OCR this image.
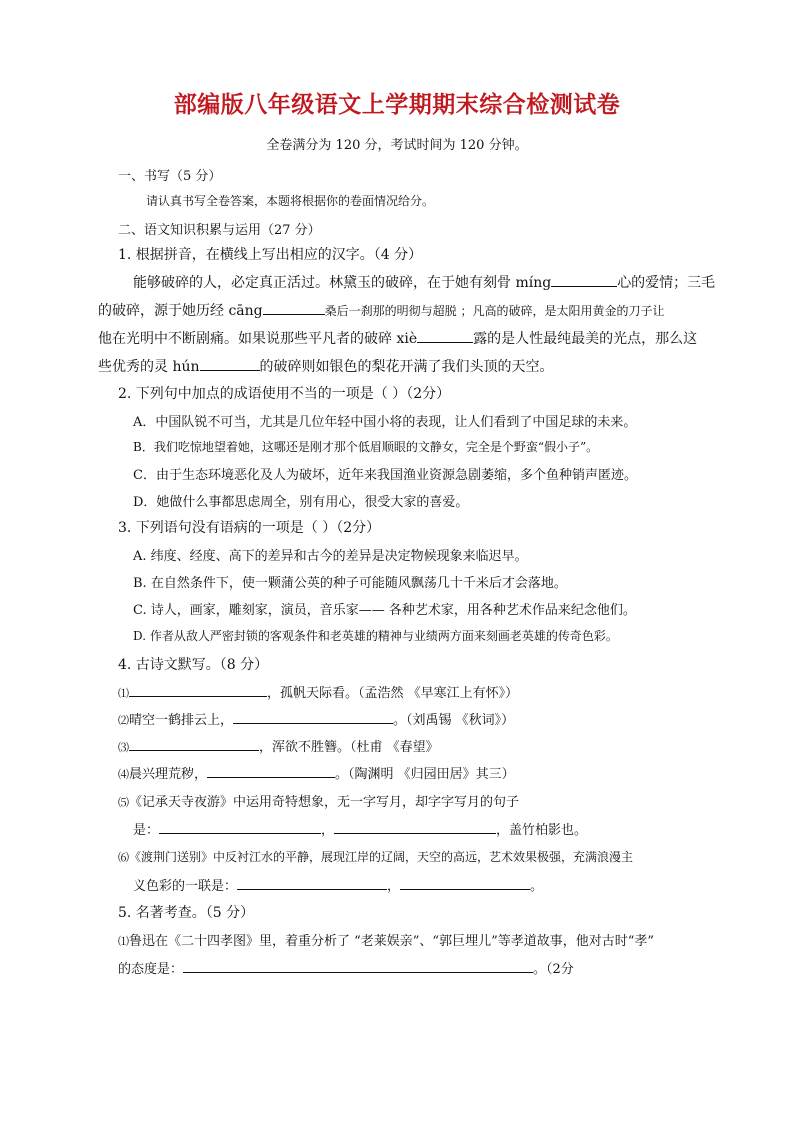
部编版八年级语文上学期期末综合检测试卷
全卷满分为 120 分，考试时间为 120 分钟。
一、书写（5 分）
请认真书写全卷答案，本题将根据你的卷面情况给分。
二、语文知识积累与运用（27 分）
1. 根据拼音，在横线上写出相应的汉字。（4 分）
能够破碎的人，必定真正活过。林黛玉的破碎，在于她有刻骨 míng	心的爱情；三毛
的破碎，源于她历经 cāng	桑后一刹那的明彻与超脱 ；凡高的破碎，是太阳用黄金的刀子让
他在光明中不断剧痛。如果说那些平凡者的破碎 xiè	露的是人性最纯最美的光点，那么这
些优秀的灵 hún	的破碎则如银色的梨花开满了我们头顶的天空。
2. 下列句中加点的成语使用不当的一项是（ ）（2分）
A．中国队锐不可当，尤其是几位年轻中国小将的表现，让人们看到了中国足球的未来。
B．我们吃惊地望着她，这哪还是刚才那个低眉顺眼的文静女，完全是个野蛮“假小子”。
C．由于生态环境恶化及人为破坏，近年来我国渔业资源急剧萎缩，多个鱼种销声匿迹。
D．她做什么事都思虑周全，别有用心，很受大家的喜爱。
3. 下列语句没有语病的一项是（ ）（2分）
A. 纬度、经度、高下的差异和古今的差异是决定物候现象来临迟早。
B. 在自然条件下，使一颗蒲公英的种子可能随风飘荡几十千米后才会落地。
C. 诗人，画家，雕刻家，演员，音乐家—— 各种艺术家，用各种艺术作品来纪念他们。
D. 作者从敌人严密封锁的客观条件和老英雄的精神与业绩两方面来刻画老英雄的传奇色彩。
4. 古诗文默写。（8 分）
⑴	，孤帆天际看。（孟浩然 《早寒江上有怀》）
⑵晴空一鹤排云上，	。（刘禹锡 《秋词》）
⑶	，浑欲不胜簪。（杜甫 《春望》
⑷晨兴理荒秽，	。（陶渊明 《归园田居》其三）
⑸《记承天寺夜游》中运用奇特想象，无一字写月，却字字写月的句子
是：	，	，盖竹柏影也。
⑹《渡荆门送别》中反衬江水的平静，展现江岸的辽阔，天空的高远，艺术效果极强，充满浪漫主
义色彩的一联是：	，	。
5. 名著考查。（5 分）
⑴鲁迅在《二十四孝图》里，着重分析了 “老莱娱亲”、“郭巨埋儿”等孝道故事，他对古时“孝”
的态度是：	。（2分
